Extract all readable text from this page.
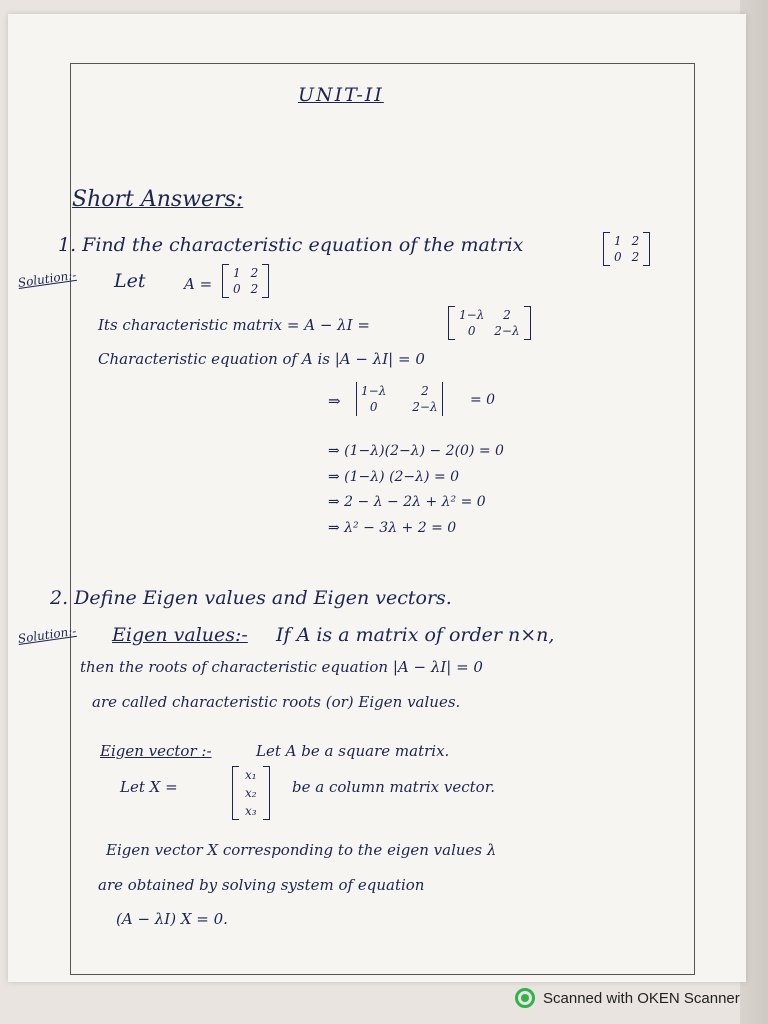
UNIT-II
Short Answers:
1. Find the characteristic equation of the matrix	1 2
0 2
Solution:- Let	A =
1 2
0 2
Its characteristic matrix = A − λI =
1−λ	2
0	2−λ
Characteristic equation of A is |A − λI| = 0
⇒
1−λ	2
0	2−λ = 0
⇒ (1−λ)(2−λ) − 2(0) = 0
⇒ (1−λ) (2−λ) = 0
⇒ 2 − λ − 2λ + λ² = 0
⇒ λ² − 3λ + 2 = 0
2. Define Eigen values and Eigen vectors.
Solution:- Eigen values:- If A is a matrix of order n×n,
then the roots of characteristic equation |A − λI| = 0
are called characteristic roots (or) Eigen values.
Eigen vector :-	Let A be a square matrix.
Let X =
x₁
x₂
x₃
be a column matrix vector.
Eigen vector X corresponding to the eigen values λ
are obtained by solving system of equation
(A − λI) X = 0.
Scanned with OKEN Scanner
